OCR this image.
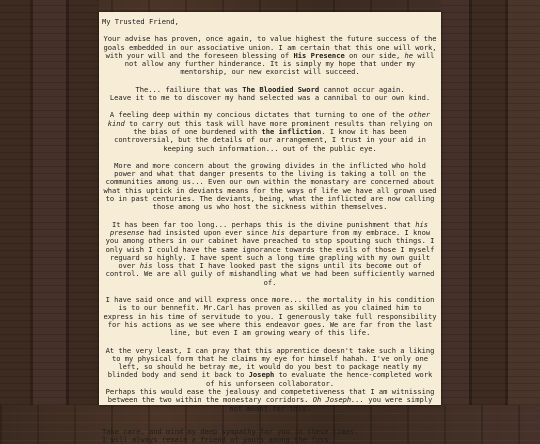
My Trusted Friend,
Your advise has proven, once again, to value highest the future success of the goals embedded in our associative union. I am certain that this one will work, with your will and the foreseen blessing of His Presence on our side, he will not allow any further hinderance. It is simply my hope that under my mentorship, our new exorcist will succeed.
The... failiure that was The Bloodied Sword cannot occur again.
Leave it to me to discover my hand selected was a cannibal to our own kind.
A feeling deep within my concious dictates that turning to one of the other kind to carry out this task will have more prominent results than relying on the bias of one burdened with the infliction. I know it has been controversial, but the details of our arrangement, I trust in your aid in keeping such information... out of the public eye.
More and more concern about the growing divides in the inflicted who hold power and what that danger presents to the living is taking a toll on the communities among us... Even our own within the monastary are concerned about what this uptick in deviants means for the ways of life we have all grown used to in past centuries. The deviants, being, what the inflicted are now calling those among us who host the sickness within themselves.
It has been far too long... perhaps this is the divine punishment that his presense had insisted upon ever since his departure from my embrace. I know you among others in our cabinet have preached to stop spouting such things. I only wish I could have the same ignorance towards the evils of those I myself reguard so highly. I have spent such a long time grapling with my own guilt over his loss that I have looked past the signs until its become out of control. We are all guily of mishandling what we had been sufficiently warned of.
I have said once and will express once more... the mortality in his condition is to our bennefit. Mr.Carl has proven as skilled as you claimed him to express in his time of servitude to you. I generously take full responsibility for his actions as we see where this endeavor goes. We are far from the last line, but even I am growing weary of this life.
At the very least, I can pray that this apprentice doesn't take such a liking to my physical form that he claims my eye for himself hahah. I've only one left, so should he betray me, it would do you best to package neatly my blinded body and send it back to Joseph to evaluate the hence-completed work of his unforseen collaborator.
Perhaps this would ease the jealousy and competetiveness that I am witnissing between the two within the monestary corridors. Oh Joseph... you were simply not meant for this.
Take care, and mind my deep sympathy for you in these times.
I will always remain a friend of yours among the fuss.
